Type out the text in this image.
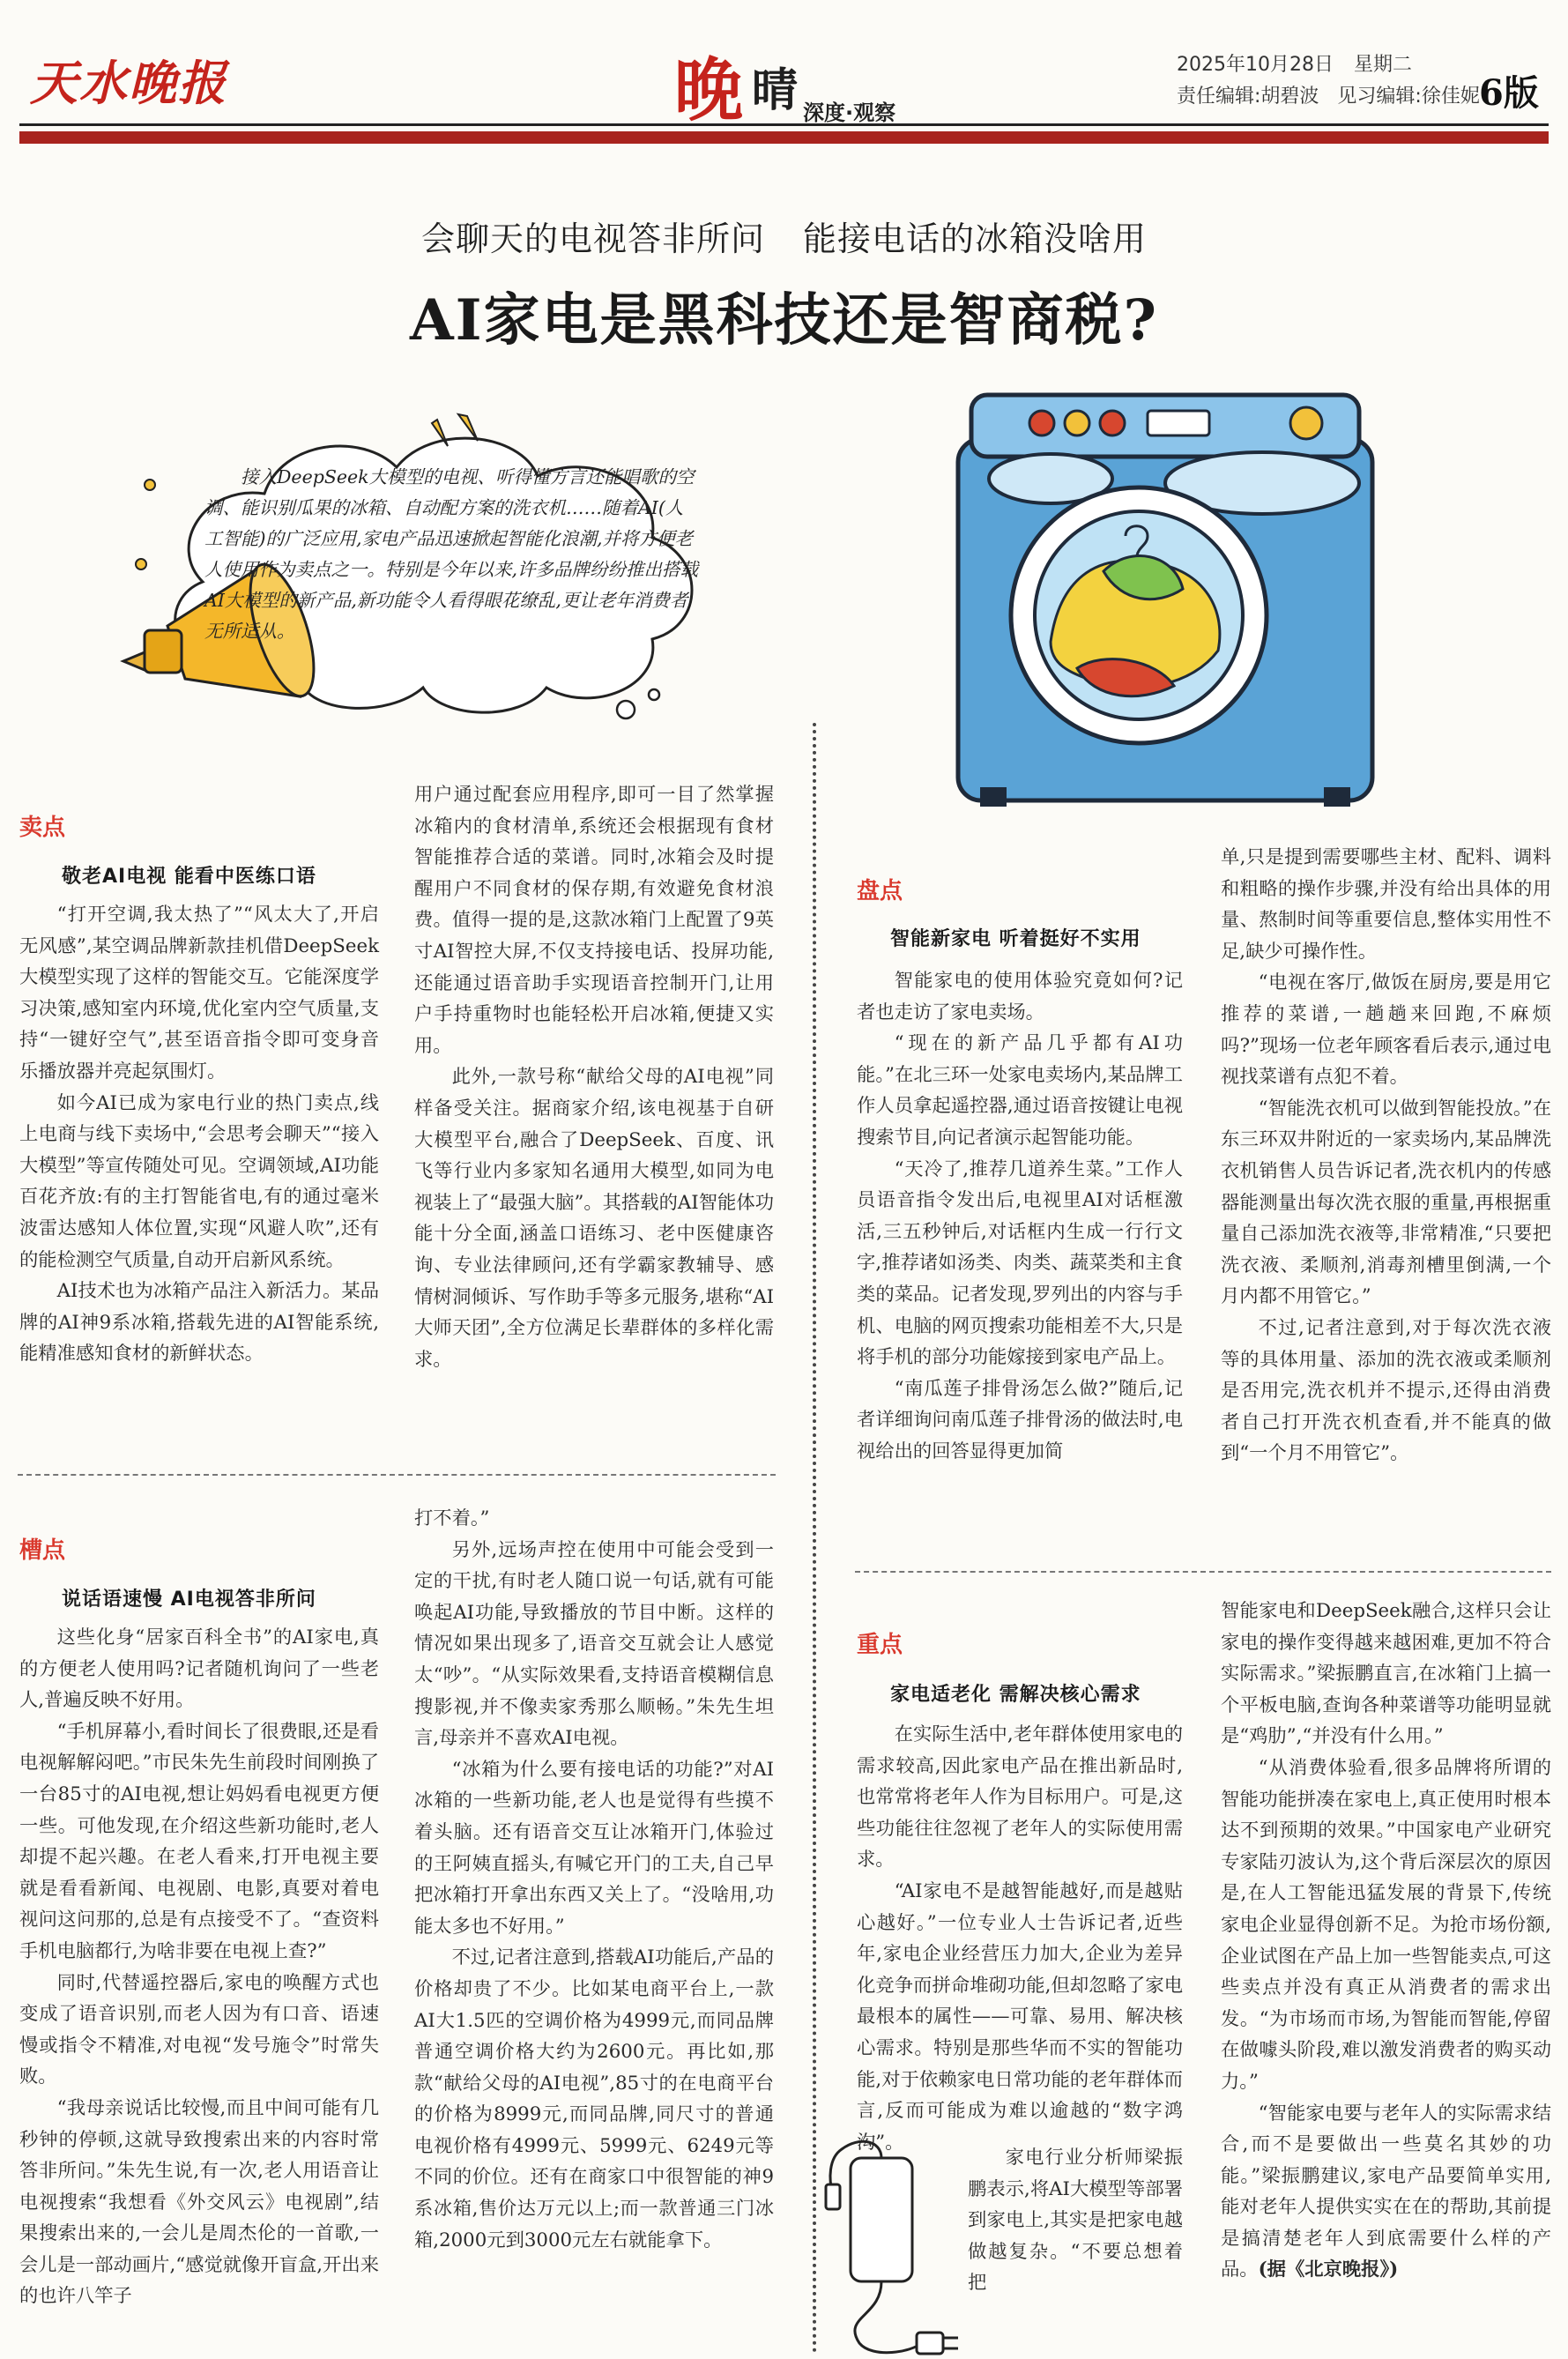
天水晚报	晚 晴 深度·观察
2025年10月28日 星期二
责任编辑:胡碧波 见习编辑:徐佳妮 6版
会聊天的电视答非所问 能接电话的冰箱没啥用
AI家电是黑科技还是智商税?
接入DeepSeek大模型的电视、听得懂方言还能唱歌的空调、能识别瓜果的冰箱、自动配方案的洗衣机……随着AI(人工智能)的广泛应用,家电产品迅速掀起智能化浪潮,并将方便老人使用作为卖点之一。特别是今年以来,许多品牌纷纷推出搭载AI大模型的新产品,新功能令人看得眼花缭乱,更让老年消费者无所适从。
卖点
敬老AI电视 能看中医练口语

“打开空调,我太热了”“风太大了,开启无风感”,某空调品牌新款挂机借DeepSeek大模型实现了这样的智能交互。它能深度学习决策,感知室内环境,优化室内空气质量,支持“一键好空气”,甚至语音指令即可变身音乐播放器并亮起氛围灯。

如今AI已成为家电行业的热门卖点,线上电商与线下卖场中,“会思考会聊天”“接入大模型”等宣传随处可见。空调领域,AI功能百花齐放:有的主打智能省电,有的通过毫米波雷达感知人体位置,实现“风避人吹”,还有的能检测空气质量,自动开启新风系统。

AI技术也为冰箱产品注入新活力。某品牌的AI神9系冰箱,搭载先进的AI智能系统,能精准感知食材的新鲜状态。

用户通过配套应用程序,即可一目了然掌握冰箱内的食材清单,系统还会根据现有食材智能推荐合适的菜谱。同时,冰箱会及时提醒用户不同食材的保存期,有效避免食材浪费。值得一提的是,这款冰箱门上配置了9英寸AI智控大屏,不仅支持接电话、投屏功能,还能通过语音助手实现语音控制开门,让用户手持重物时也能轻松开启冰箱,便捷又实用。

此外,一款号称“献给父母的AI电视”同样备受关注。据商家介绍,该电视基于自研大模型平台,融合了DeepSeek、百度、讯飞等行业内多家知名通用大模型,如同为电视装上了“最强大脑”。其搭载的AI智能体功能十分全面,涵盖口语练习、老中医健康咨询、专业法律顾问,还有学霸家教辅导、感情树洞倾诉、写作助手等多元服务,堪称“AI大师天团”,全方位满足长辈群体的多样化需求。

槽点
说话语速慢 AI电视答非所问

这些化身“居家百科全书”的AI家电,真的方便老人使用吗?记者随机询问了一些老人,普遍反映不好用。

“手机屏幕小,看时间长了很费眼,还是看电视解解闷吧。”市民朱先生前段时间刚换了一台85寸的AI电视,想让妈妈看电视更方便一些。可他发现,在介绍这些新功能时,老人却提不起兴趣。在老人看来,打开电视主要就是看看新闻、电视剧、电影,真要对着电视问这问那的,总是有点接受不了。“查资料手机电脑都行,为啥非要在电视上查?”

同时,代替遥控器后,家电的唤醒方式也变成了语音识别,而老人因为有口音、语速慢或指令不精准,对电视“发号施令”时常失败。

“我母亲说话比较慢,而且中间可能有几秒钟的停顿,这就导致搜索出来的内容时常答非所问。”朱先生说,有一次,老人用语音让电视搜索“我想看《外交风云》电视剧”,结果搜索出来的,一会儿是周杰伦的一首歌,一会儿是一部动画片,“感觉就像开盲盒,开出来的也许八竿子

打不着。”

另外,远场声控在使用中可能会受到一定的干扰,有时老人随口说一句话,就有可能唤起AI功能,导致播放的节目中断。这样的情况如果出现多了,语音交互就会让人感觉太“吵”。“从实际效果看,支持语音模糊信息搜影视,并不像卖家秀那么顺畅。”朱先生坦言,母亲并不喜欢AI电视。

“冰箱为什么要有接电话的功能?”对AI冰箱的一些新功能,老人也是觉得有些摸不着头脑。还有语音交互让冰箱开门,体验过的王阿姨直摇头,有喊它开门的工夫,自己早把冰箱打开拿出东西又关上了。“没啥用,功能太多也不好用。”

不过,记者注意到,搭载AI功能后,产品的价格却贵了不少。比如某电商平台上,一款AI大1.5匹的空调价格为4999元,而同品牌普通空调价格大约为2600元。再比如,那款“献给父母的AI电视”,85寸的在电商平台的价格为8999元,而同品牌,同尺寸的普通电视价格有4999元、5999元、6249元等不同的价位。还有在商家口中很智能的神9系冰箱,售价达万元以上;而一款普通三门冰箱,2000元到3000元左右就能拿下。

盘点
智能新家电 听着挺好不实用

智能家电的使用体验究竟如何?记者也走访了家电卖场。

“现在的新产品几乎都有AI功能。”在北三环一处家电卖场内,某品牌工作人员拿起遥控器,通过语音按键让电视搜索节目,向记者演示起智能功能。

“天冷了,推荐几道养生菜。”工作人员语音指令发出后,电视里AI对话框激活,三五秒钟后,对话框内生成一行行文字,推荐诸如汤类、肉类、蔬菜类和主食类的菜品。记者发现,罗列出的内容与手机、电脑的网页搜索功能相差不大,只是将手机的部分功能嫁接到家电产品上。

“南瓜莲子排骨汤怎么做?”随后,记者详细询问南瓜莲子排骨汤的做法时,电视给出的回答显得更加简

单,只是提到需要哪些主材、配料、调料和粗略的操作步骤,并没有给出具体的用量、熬制时间等重要信息,整体实用性不足,缺少可操作性。

“电视在客厅,做饭在厨房,要是用它推荐的菜谱,一趟趟来回跑,不麻烦吗?”现场一位老年顾客看后表示,通过电视找菜谱有点犯不着。

“智能洗衣机可以做到智能投放。”在东三环双井附近的一家卖场内,某品牌洗衣机销售人员告诉记者,洗衣机内的传感器能测量出每次洗衣服的重量,再根据重量自己添加洗衣液等,非常精准,“只要把洗衣液、柔顺剂,消毒剂槽里倒满,一个月内都不用管它。”

不过,记者注意到,对于每次洗衣液等的具体用量、添加的洗衣液或柔顺剂是否用完,洗衣机并不提示,还得由消费者自己打开洗衣机查看,并不能真的做到“一个月不用管它”。

重点
家电适老化 需解决核心需求

在实际生活中,老年群体使用家电的需求较高,因此家电产品在推出新品时,也常常将老年人作为目标用户。可是,这些功能往往忽视了老年人的实际使用需求。

“AI家电不是越智能越好,而是越贴心越好。”一位专业人士告诉记者,近些年,家电企业经营压力加大,企业为差异化竞争而拼命堆砌功能,但却忽略了家电最根本的属性——可靠、易用、解决核心需求。特别是那些华而不实的智能功能,对于依赖家电日常功能的老年群体而言,反而可能成为难以逾越的“数字鸿沟”。

家电行业分析师梁振鹏表示,将AI大模型等部署到家电上,其实是把家电越做越复杂。“不要总想着把

智能家电和DeepSeek融合,这样只会让家电的操作变得越来越困难,更加不符合实际需求。”梁振鹏直言,在冰箱门上搞一个平板电脑,查询各种菜谱等功能明显就是“鸡肋”,“并没有什么用。”

“从消费体验看,很多品牌将所谓的智能功能拼凑在家电上,真正使用时根本达不到预期的效果。”中国家电产业研究专家陆刃波认为,这个背后深层次的原因是,在人工智能迅猛发展的背景下,传统家电企业显得创新不足。为抢市场份额,企业试图在产品上加一些智能卖点,可这些卖点并没有真正从消费者的需求出发。“为市场而市场,为智能而智能,停留在做噱头阶段,难以激发消费者的购买动力。”

“智能家电要与老年人的实际需求结合,而不是要做出一些莫名其妙的功能。”梁振鹏建议,家电产品要简单实用,能对老年人提供实实在在的帮助,其前提是搞清楚老年人到底需要什么样的产品。(据《北京晚报》)
